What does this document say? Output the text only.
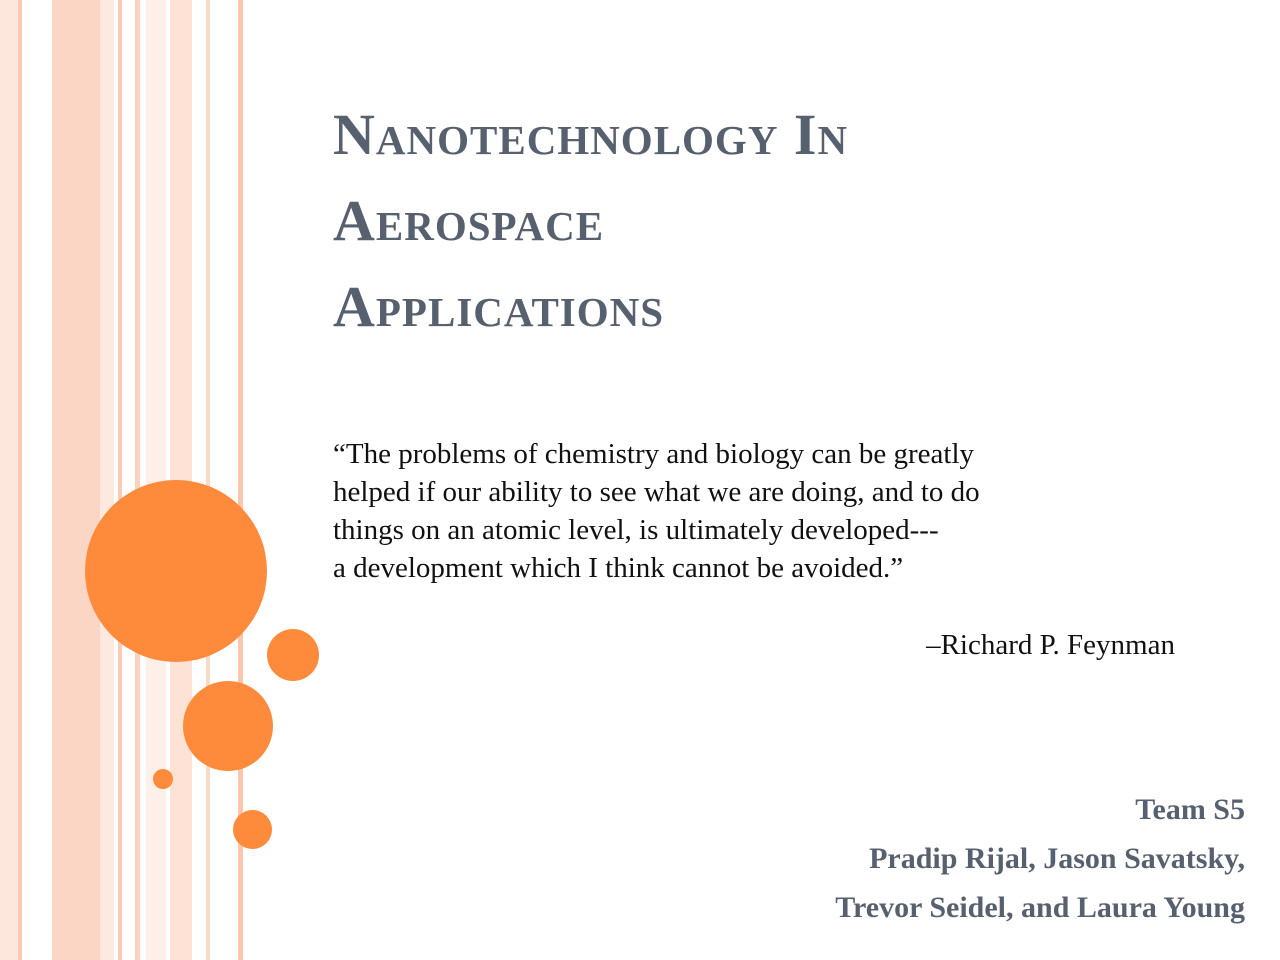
Nanotechnology In
Aerospace
Applications

“The problems of chemistry and biology can be greatly
helped if our ability to see what we are doing, and to do
things on an atomic level, is ultimately developed---
a development which I think cannot be avoided.”

–Richard P. Feynman

Team S5
Pradip Rijal, Jason Savatsky,
Trevor Seidel, and Laura Young
